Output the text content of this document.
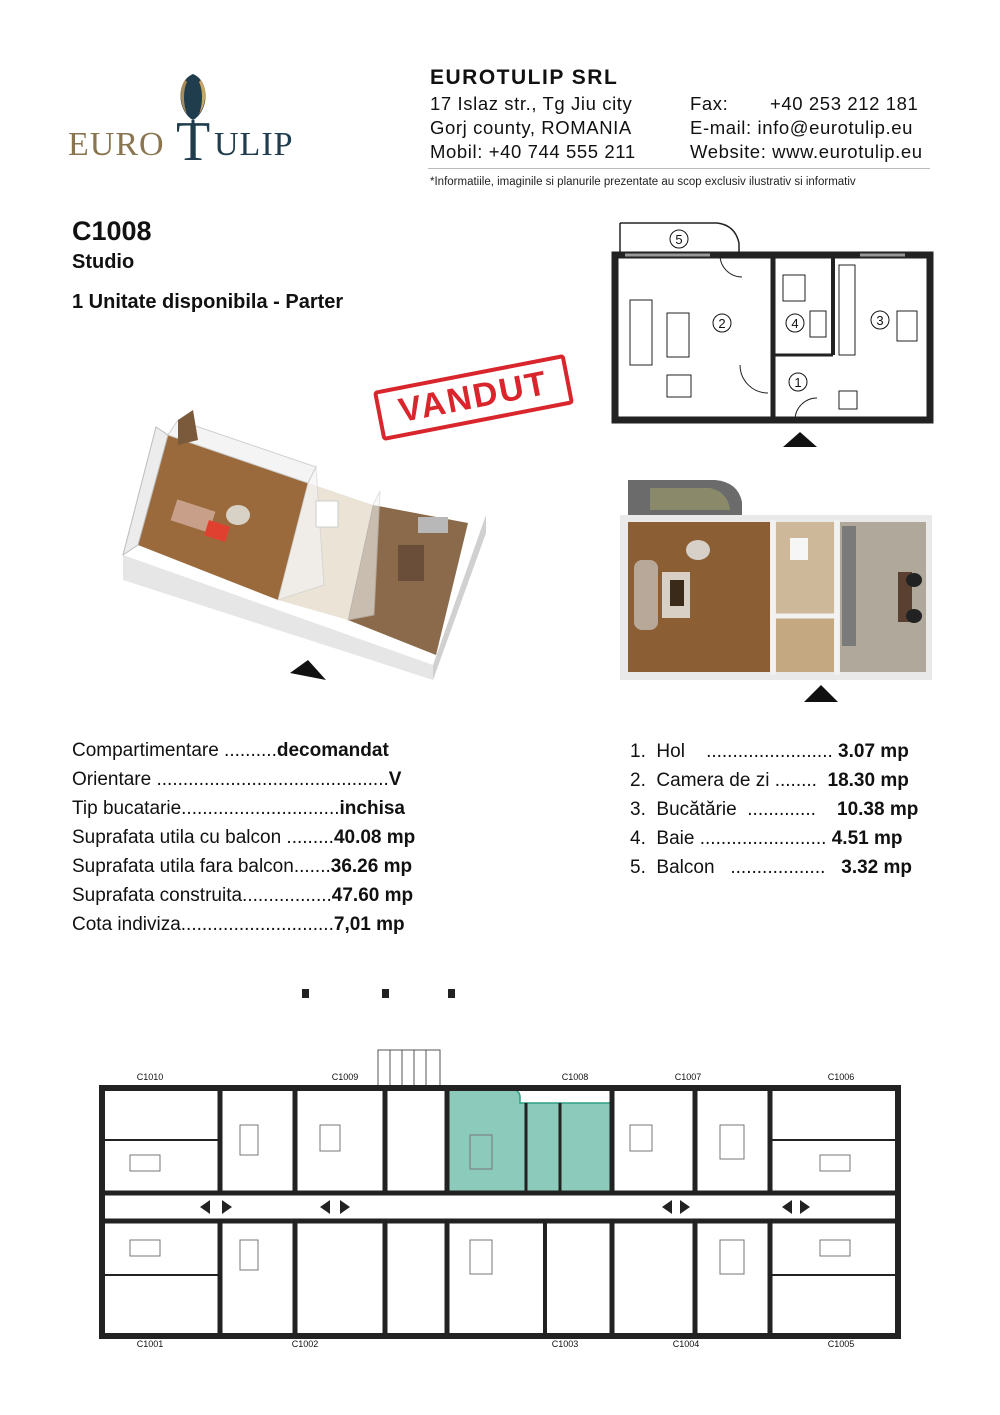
EURO T ULIP
EUROTULIP SRL
17 Islaz str., Tg Jiu city
Gorj county, ROMANIA
Mobil: +40 744 555 211
Fax: +40 253 212 181
E-mail: info@eurotulip.eu
Website: www.eurotulip.eu
*Informatiile, imaginile si planurile prezentate au scop exclusiv ilustrativ si informativ
C1008
Studio
1 Unitate disponibila - Parter
VANDUT	1
2	3
4
5
Compartimentare ..........decomandat
Orientare ............................................V
Tip bucatarie..............................inchisa
Suprafata utila cu balcon .........40.08 mp
Suprafata utila fara balcon.......36.26 mp
Suprafata construita.................47.60 mp
Cota indiviza.............................7,01 mp
1. Hol ........................ 3.07 mp
2. Camera de zi ........ 18.30 mp
3. Bucătărie ............. 10.38 mp
4. Baie ........................ 4.51 mp
5. Balcon .................. 3.32 mp
C1010	C1009	C1008	C1007	C1006
C1001	C1002	C1003	C1004	C1005
